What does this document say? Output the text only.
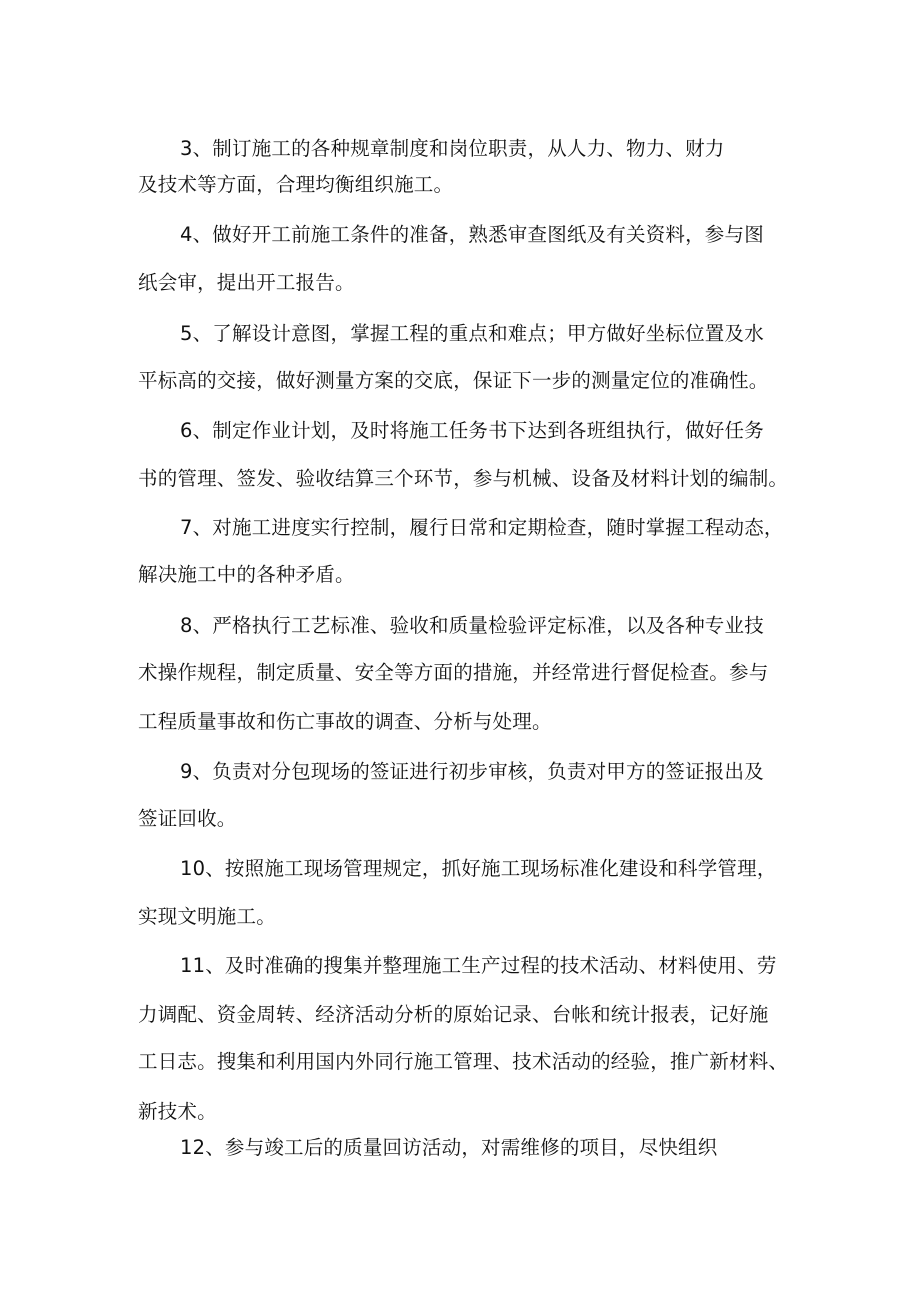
3、制订施工的各种规章制度和岗位职责，从人力、物力、财力
及技术等方面，合理均衡组织施工。
4、做好开工前施工条件的准备，熟悉审查图纸及有关资料，参与图
纸会审，提出开工报告。
5、了解设计意图，掌握工程的重点和难点；甲方做好坐标位置及水
平标高的交接，做好测量方案的交底，保证下一步的测量定位的准确性。
6、制定作业计划，及时将施工任务书下达到各班组执行，做好任务
书的管理、签发、验收结算三个环节，参与机械、设备及材料计划的编制。
7、对施工进度实行控制，履行日常和定期检查，随时掌握工程动态，
解决施工中的各种矛盾。
8、严格执行工艺标准、验收和质量检验评定标准，以及各种专业技
术操作规程，制定质量、安全等方面的措施，并经常进行督促检查。参与
工程质量事故和伤亡事故的调查、分析与处理。
9、负责对分包现场的签证进行初步审核，负责对甲方的签证报出及
签证回收。
10、按照施工现场管理规定，抓好施工现场标准化建设和科学管理，
实现文明施工。
11、及时准确的搜集并整理施工生产过程的技术活动、材料使用、劳
力调配、资金周转、经济活动分析的原始记录、台帐和统计报表，记好施
工日志。搜集和利用国内外同行施工管理、技术活动的经验，推广新材料、
新技术。
12、参与竣工后的质量回访活动，对需维修的项目，尽快组织
